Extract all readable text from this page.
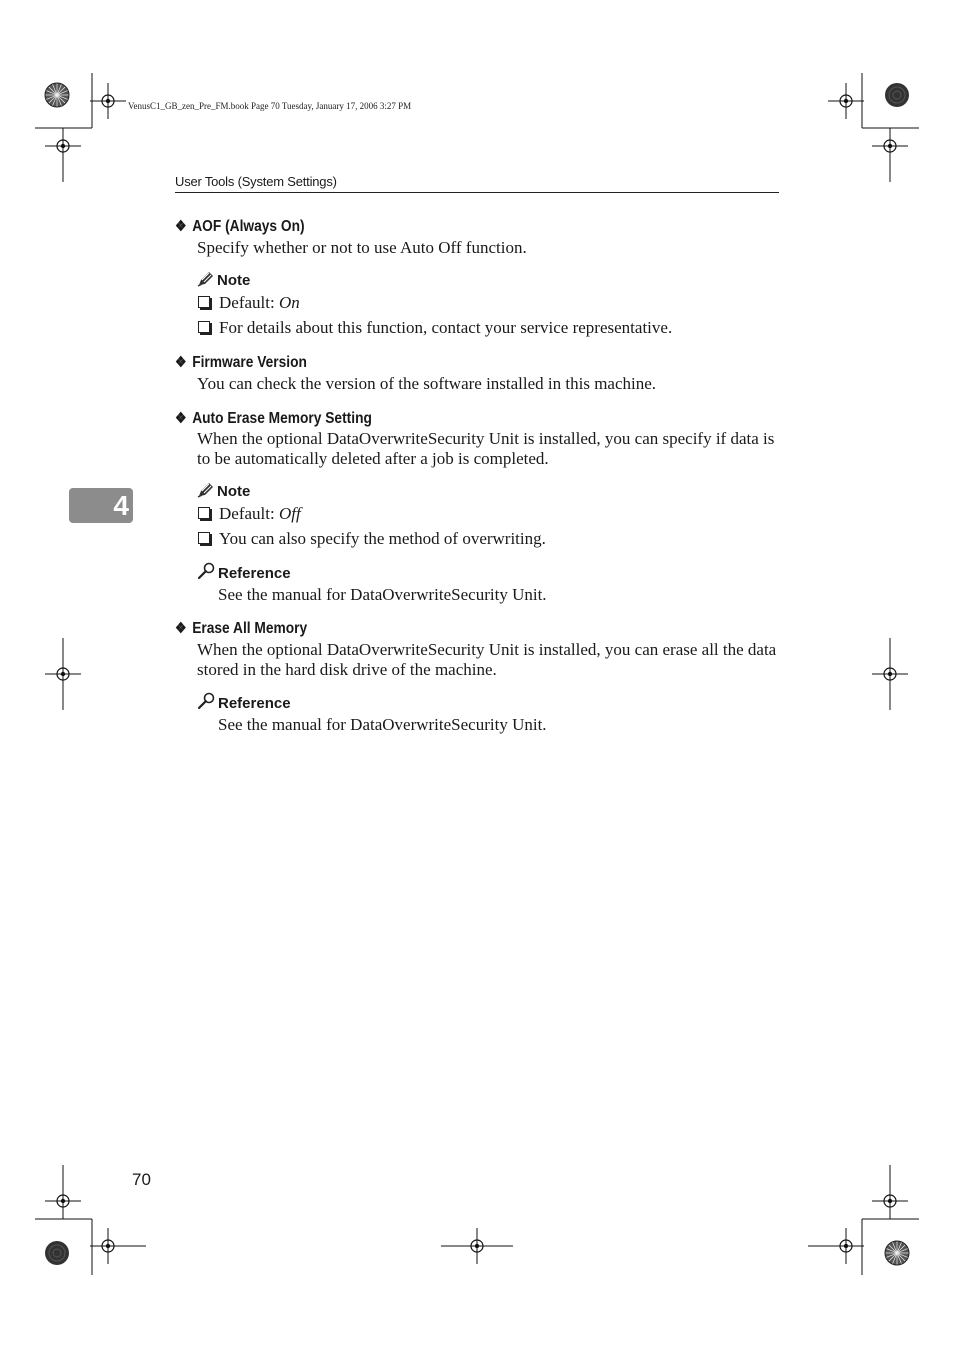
VenusC1_GB_zen_Pre_FM.book Page 70 Tuesday, January 17, 2006 3:27 PM
User Tools (System Settings)
4
❖ AOF (Always On)
Specify whether or not to use Auto Off function.
Note
Default: On
For details about this function, contact your service representative.
❖ Firmware Version
You can check the version of the software installed in this machine.
❖ Auto Erase Memory Setting
When the optional DataOverwriteSecurity Unit is installed, you can specify if data is to be automatically deleted after a job is completed.
Note
Default: Off
You can also specify the method of overwriting.
Reference
See the manual for DataOverwriteSecurity Unit.
❖ Erase All Memory
When the optional DataOverwriteSecurity Unit is installed, you can erase all the data stored in the hard disk drive of the machine.
Reference
See the manual for DataOverwriteSecurity Unit.
70
